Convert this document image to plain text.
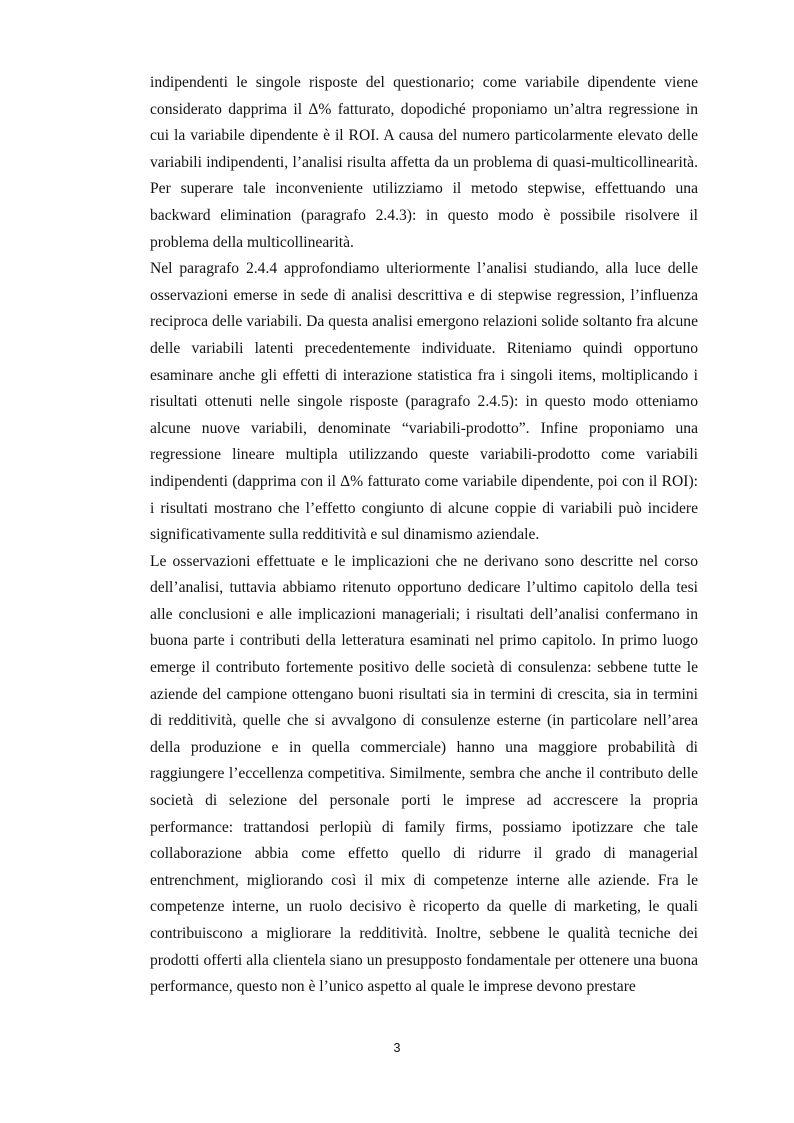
indipendenti le singole risposte del questionario; come variabile dipendente viene considerato dapprima il Δ% fatturato, dopodiché proponiamo un’altra regressione in cui la variabile dipendente è il ROI. A causa del numero particolarmente elevato delle variabili indipendenti, l’analisi risulta affetta da un problema di quasi-multicollinearità. Per superare tale inconveniente utilizziamo il metodo stepwise, effettuando una backward elimination (paragrafo 2.4.3): in questo modo è possibile risolvere il problema della multicollinearità.

Nel paragrafo 2.4.4 approfondiamo ulteriormente l’analisi studiando, alla luce delle osservazioni emerse in sede di analisi descrittiva e di stepwise regression, l’influenza reciproca delle variabili. Da questa analisi emergono relazioni solide soltanto fra alcune delle variabili latenti precedentemente individuate. Riteniamo quindi opportuno esaminare anche gli effetti di interazione statistica fra i singoli items, moltiplicando i risultati ottenuti nelle singole risposte (paragrafo 2.4.5): in questo modo otteniamo alcune nuove variabili, denominate “variabili-prodotto”. Infine proponiamo una regressione lineare multipla utilizzando queste variabili-prodotto come variabili indipendenti (dapprima con il Δ% fatturato come variabile dipendente, poi con il ROI): i risultati mostrano che l’effetto congiunto di alcune coppie di variabili può incidere significativamente sulla redditività e sul dinamismo aziendale.

Le osservazioni effettuate e le implicazioni che ne derivano sono descritte nel corso dell’analisi, tuttavia abbiamo ritenuto opportuno dedicare l’ultimo capitolo della tesi alle conclusioni e alle implicazioni manageriali; i risultati dell’analisi confermano in buona parte i contributi della letteratura esaminati nel primo capitolo. In primo luogo emerge il contributo fortemente positivo delle società di consulenza: sebbene tutte le aziende del campione ottengano buoni risultati sia in termini di crescita, sia in termini di redditività, quelle che si avvalgono di consulenze esterne (in particolare nell’area della produzione e in quella commerciale) hanno una maggiore probabilità di raggiungere l’eccellenza competitiva. Similmente, sembra che anche il contributo delle società di selezione del personale porti le imprese ad accrescere la propria performance: trattandosi perlopiù di family firms, possiamo ipotizzare che tale collaborazione abbia come effetto quello di ridurre il grado di managerial entrenchment, migliorando così il mix di competenze interne alle aziende. Fra le competenze interne, un ruolo decisivo è ricoperto da quelle di marketing, le quali contribuiscono a migliorare la redditività. Inoltre, sebbene le qualità tecniche dei prodotti offerti alla clientela siano un presupposto fondamentale per ottenere una buona performance, questo non è l’unico aspetto al quale le imprese devono prestare

3
